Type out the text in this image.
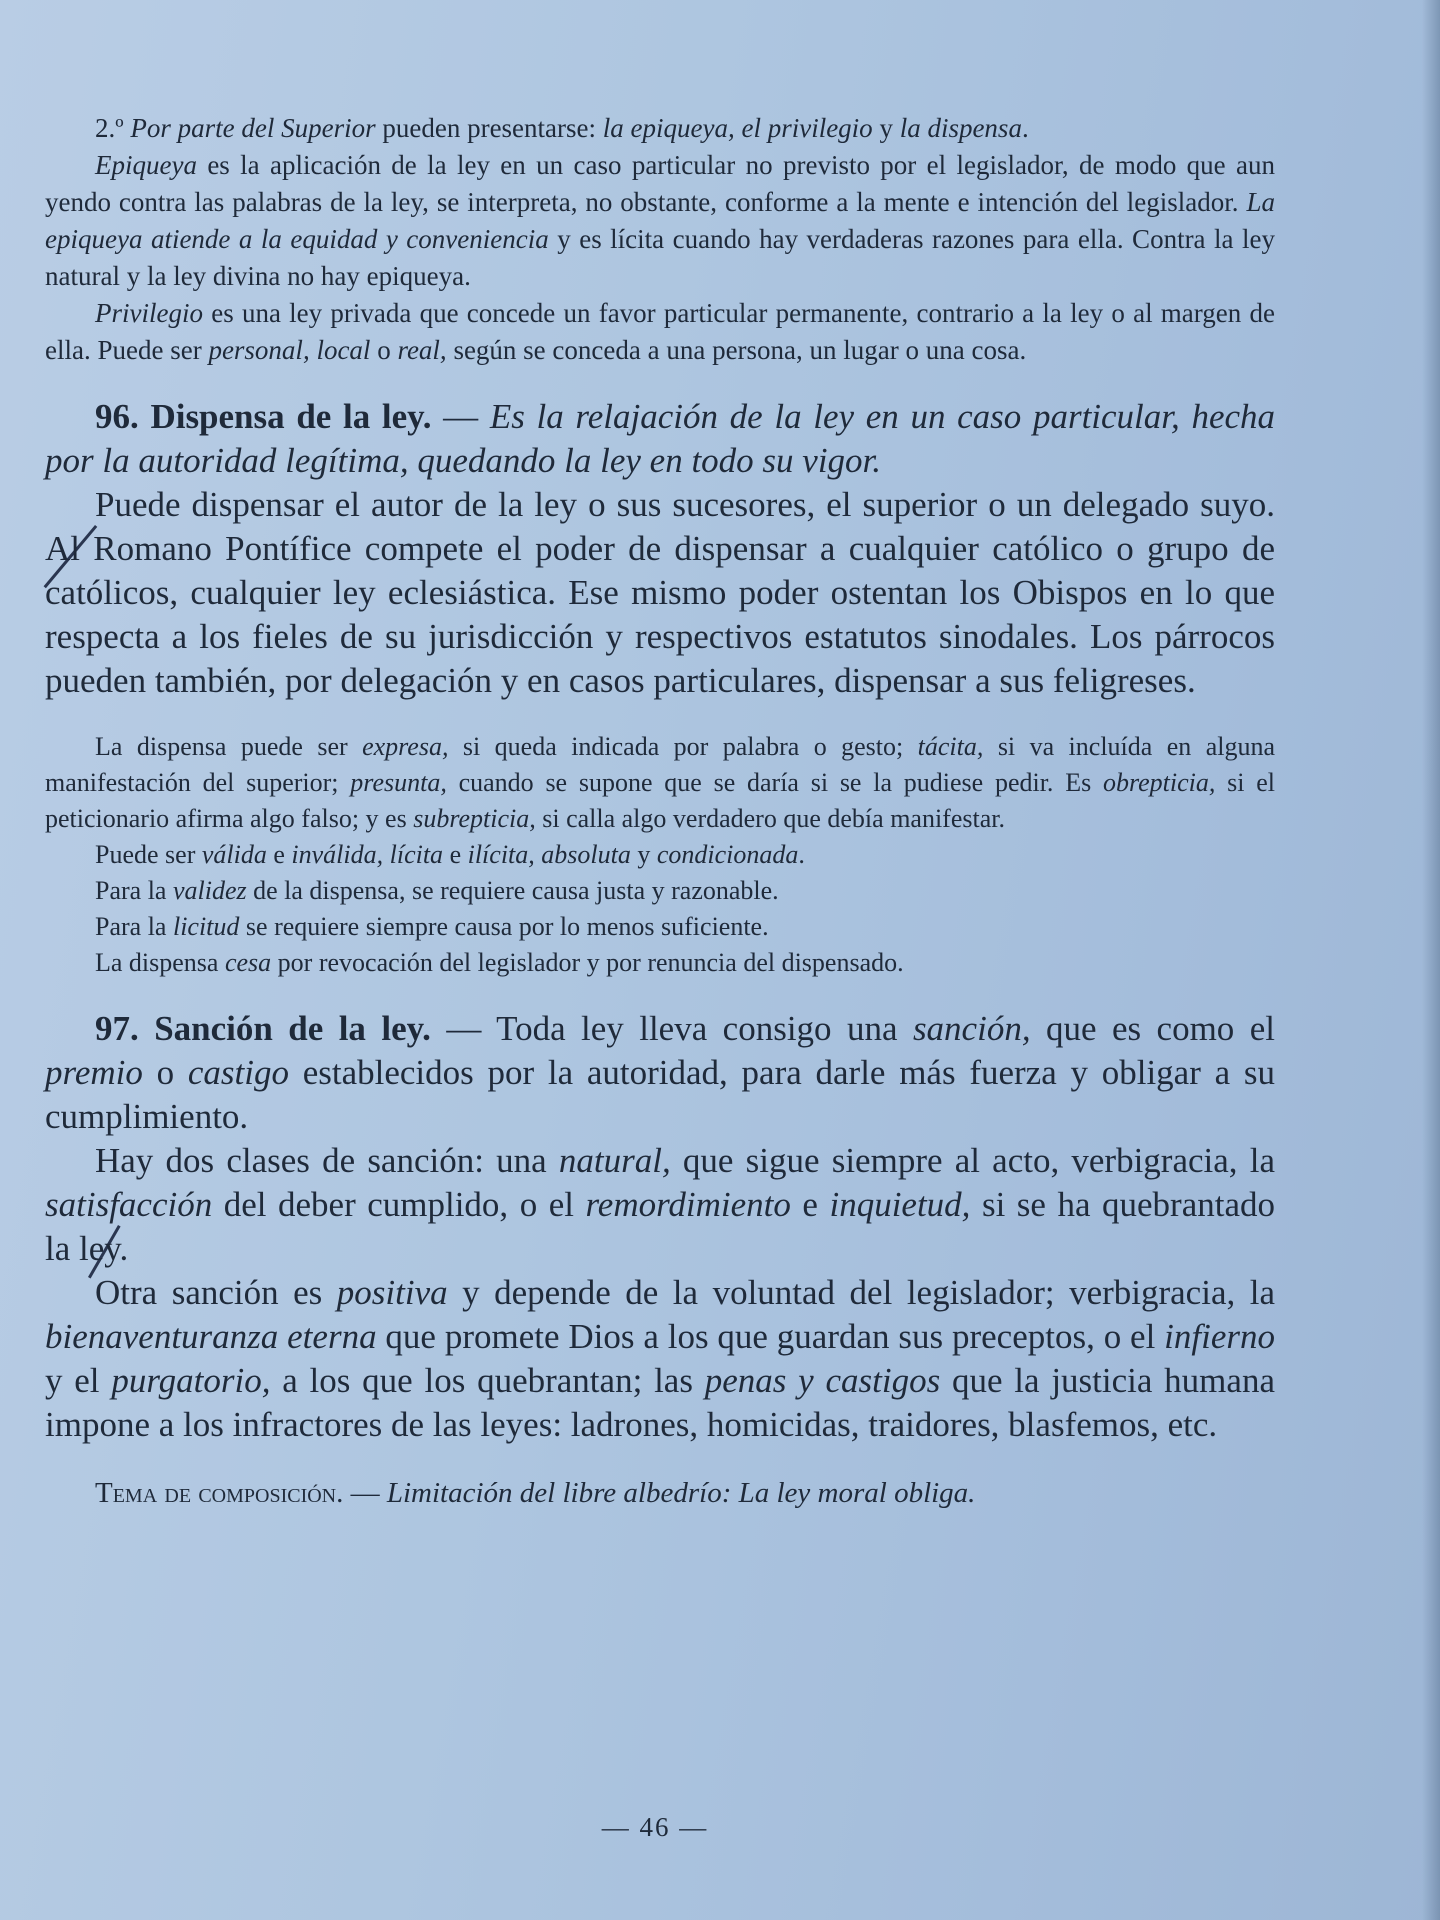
2.º Por parte del Superior pueden presentarse: la epiqueya, el privilegio y la dispensa.

Epiqueya es la aplicación de la ley en un caso particular no previsto por el legislador, de modo que aun yendo contra las palabras de la ley, se interpreta, no obstante, conforme a la mente e intención del legislador. La epiqueya atiende a la equidad y conveniencia y es lícita cuando hay verdaderas razones para ella. Contra la ley natural y la ley divina no hay epiqueya.

Privilegio es una ley privada que concede un favor particular permanente, contrario a la ley o al margen de ella. Puede ser personal, local o real, según se conceda a una persona, un lugar o una cosa.

96. Dispensa de la ley. — Es la relajación de la ley en un caso particular, hecha por la autoridad legítima, quedando la ley en todo su vigor.

Puede dispensar el autor de la ley o sus sucesores, el superior o un delegado suyo. Al Romano Pontífice compete el poder de dispensar a cualquier católico o grupo de católicos, cualquier ley eclesiástica. Ese mismo poder ostentan los Obispos en lo que respecta a los fieles de su jurisdicción y respectivos estatutos sinodales. Los párrocos pueden también, por delegación y en casos particulares, dispensar a sus feligreses.

La dispensa puede ser expresa, si queda indicada por palabra o gesto; tácita, si va incluída en alguna manifestación del superior; presunta, cuando se supone que se daría si se la pudiese pedir. Es obrepticia, si el peticionario afirma algo falso; y es subrepticia, si calla algo verdadero que debía manifestar.

Puede ser válida e inválida, lícita e ilícita, absoluta y condicionada.

Para la validez de la dispensa, se requiere causa justa y razonable.

Para la licitud se requiere siempre causa por lo menos suficiente.

La dispensa cesa por revocación del legislador y por renuncia del dispensado.

97. Sanción de la ley. — Toda ley lleva consigo una sanción, que es como el premio o castigo establecidos por la autoridad, para darle más fuerza y obligar a su cumplimiento.

Hay dos clases de sanción: una natural, que sigue siempre al acto, verbigracia, la satisfacción del deber cumplido, o el remordimiento e inquietud, si se ha quebrantado la ley.

Otra sanción es positiva y depende de la voluntad del legislador; verbigracia, la bienaventuranza eterna que promete Dios a los que guardan sus preceptos, o el infierno y el purgatorio, a los que los quebrantan; las penas y castigos que la justicia humana impone a los infractores de las leyes: ladrones, homicidas, traidores, blasfemos, etc.

Tema de composición. — Limitación del libre albedrío: La ley moral obliga.

— 46 —
